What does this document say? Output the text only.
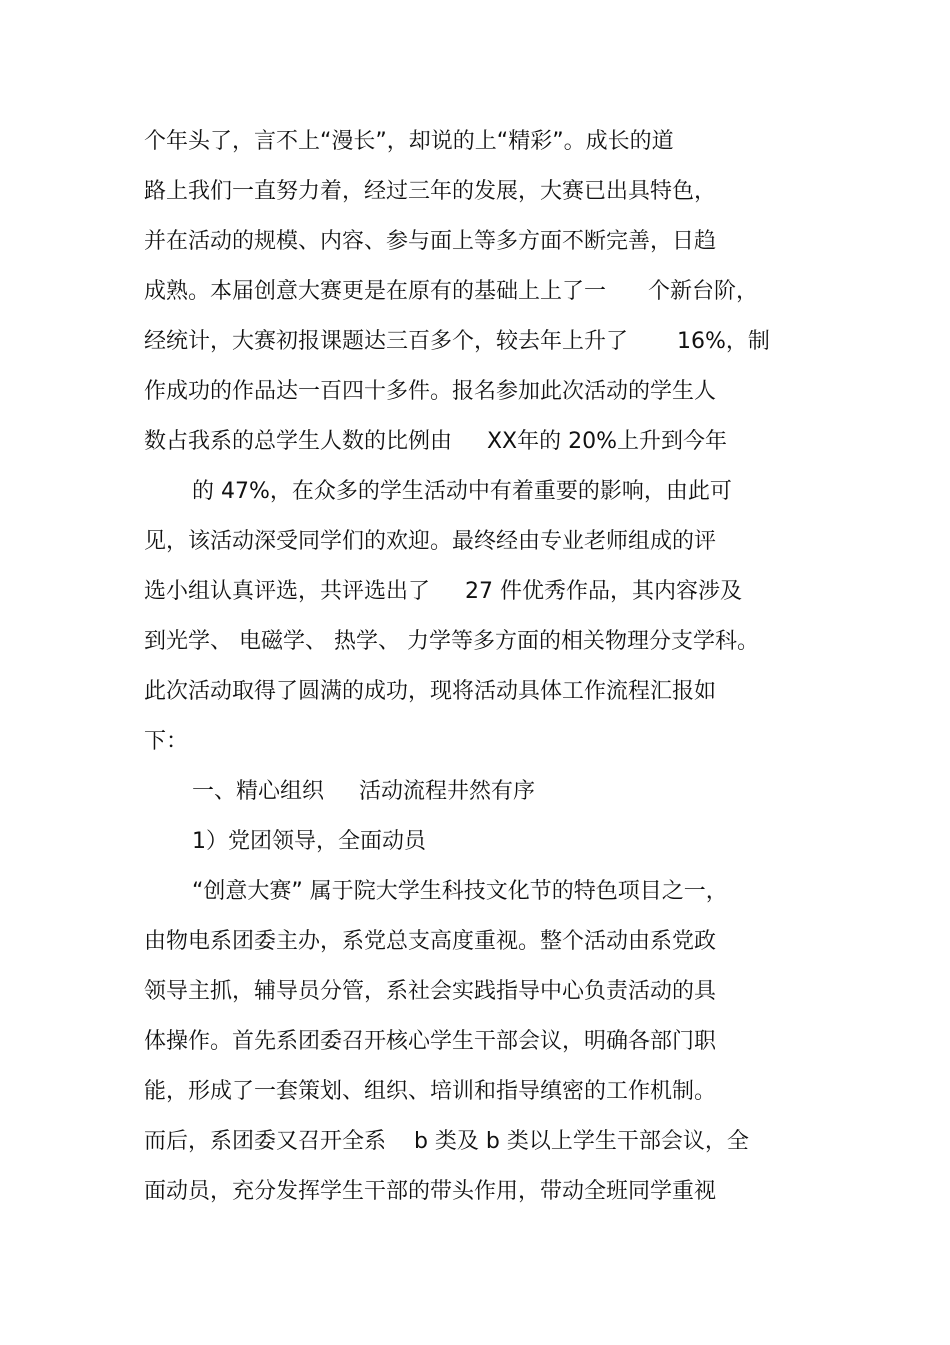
个年头了，言不上“漫长”，却说的上“精彩”。成长的道
路上我们一直努力着，经过三年的发展，大赛已出具特色，
并在活动的规模、内容、参与面上等多方面不断完善，日趋
成熟。本届创意大赛更是在原有的基础上上了一      个新台阶，
经统计，大赛初报课题达三百多个，较去年上升了       16%，制
作成功的作品达一百四十多件。报名参加此次活动的学生人
数占我系的总学生人数的比例由     XX年的 20%上升到今年
的 47%，在众多的学生活动中有着重要的影响，由此可
见，该活动深受同学们的欢迎。最终经由专业老师组成的评
选小组认真评选，共评选出了     27 件优秀作品，其内容涉及
到光学、 电磁学、 热学、 力学等多方面的相关物理分支学科。
此次活动取得了圆满的成功，现将活动具体工作流程汇报如
下：
一、精心组织     活动流程井然有序
1）党团领导，全面动员
“创意大赛” 属于院大学生科技文化节的特色项目之一，
由物电系团委主办，系党总支高度重视。整个活动由系党政
领导主抓，辅导员分管，系社会实践指导中心负责活动的具
体操作。首先系团委召开核心学生干部会议，明确各部门职
能，形成了一套策划、组织、培训和指导缜密的工作机制。
而后，系团委又召开全系    b 类及 b 类以上学生干部会议，全
面动员，充分发挥学生干部的带头作用，带动全班同学重视
